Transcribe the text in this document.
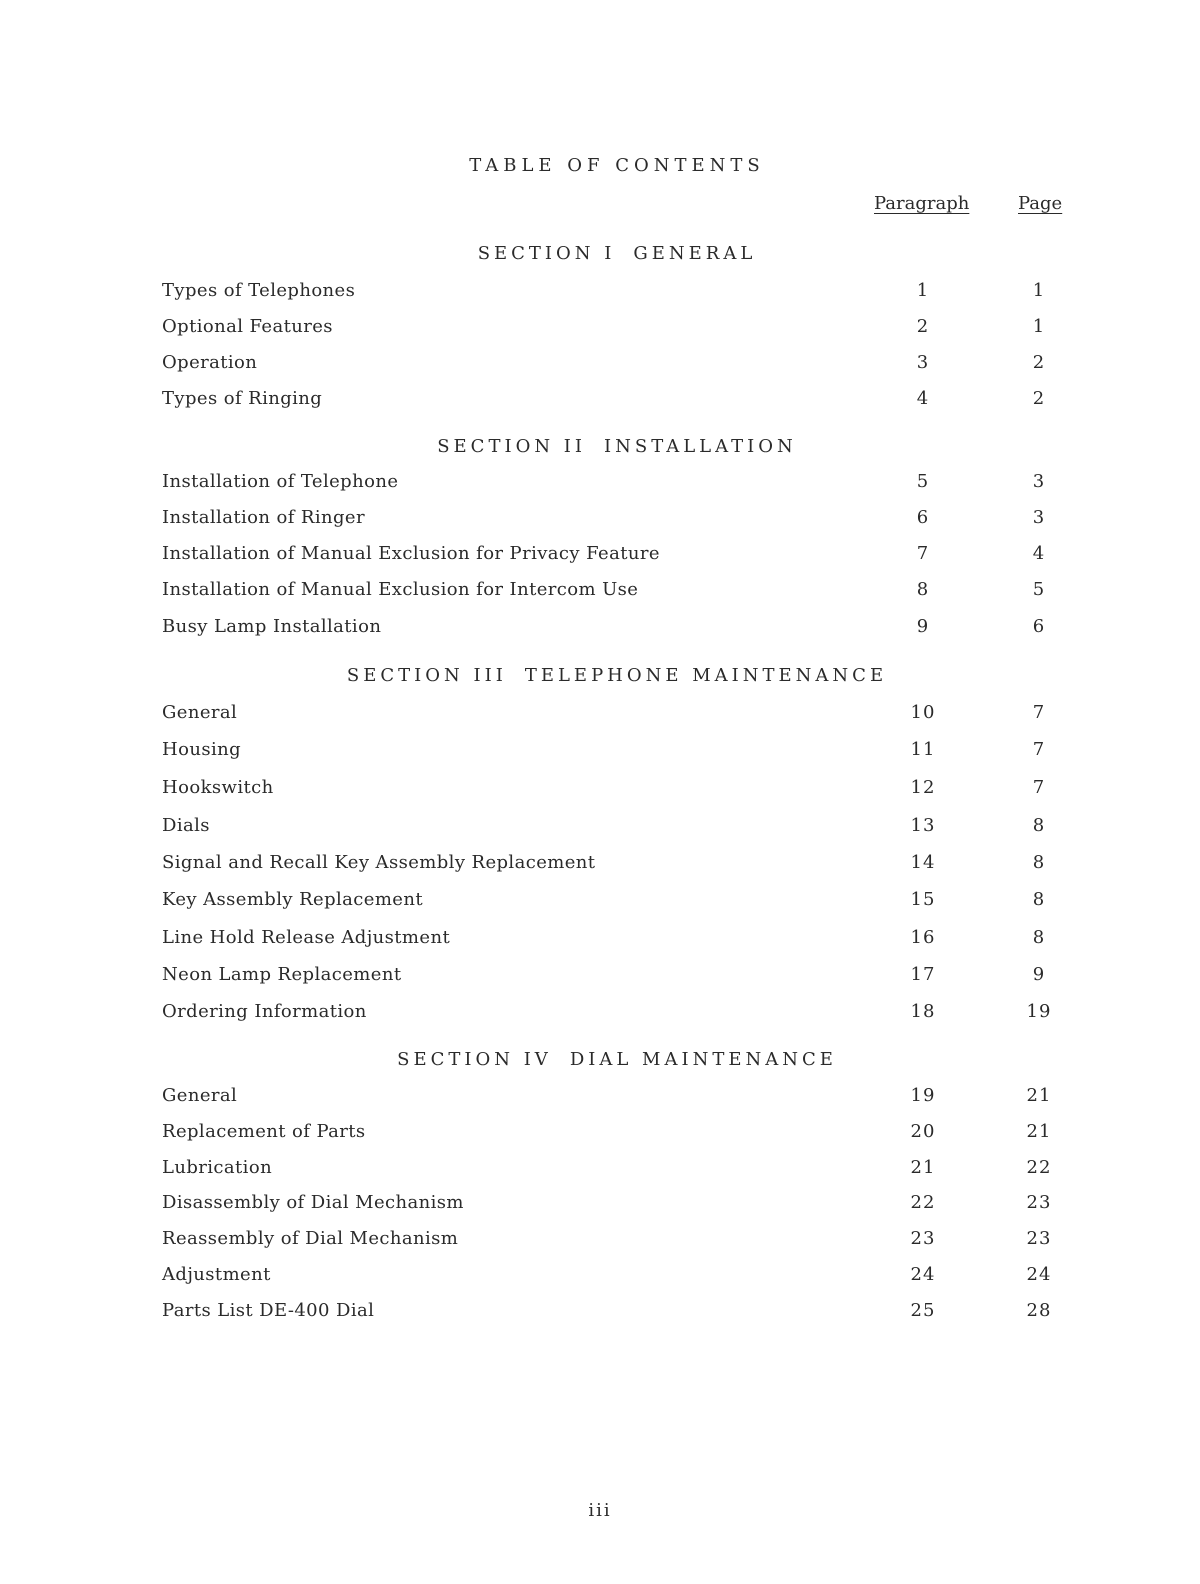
TABLE OF CONTENTS
Paragraph	Page
SECTION I GENERAL
Types of Telephones	1	1
Optional Features	2	1
Operation	3	2
Types of Ringing	4	2
SECTION II INSTALLATION
Installation of Telephone	5	3
Installation of Ringer	6	3
Installation of Manual Exclusion for Privacy Feature	7	4
Installation of Manual Exclusion for Intercom Use	8	5
Busy Lamp Installation	9	6
SECTION III TELEPHONE MAINTENANCE
General	10	7
Housing	11	7
Hookswitch	12	7
Dials	13	8
Signal and Recall Key Assembly Replacement	14	8
Key Assembly Replacement	15	8
Line Hold Release Adjustment	16	8
Neon Lamp Replacement	17	9
Ordering Information	18	19
SECTION IV DIAL MAINTENANCE
General	19	21
Replacement of Parts	20	21
Lubrication	21	22
Disassembly of Dial Mechanism	22	23
Reassembly of Dial Mechanism	23	23
Adjustment	24	24
Parts List DE-400 Dial	25	28
iii
